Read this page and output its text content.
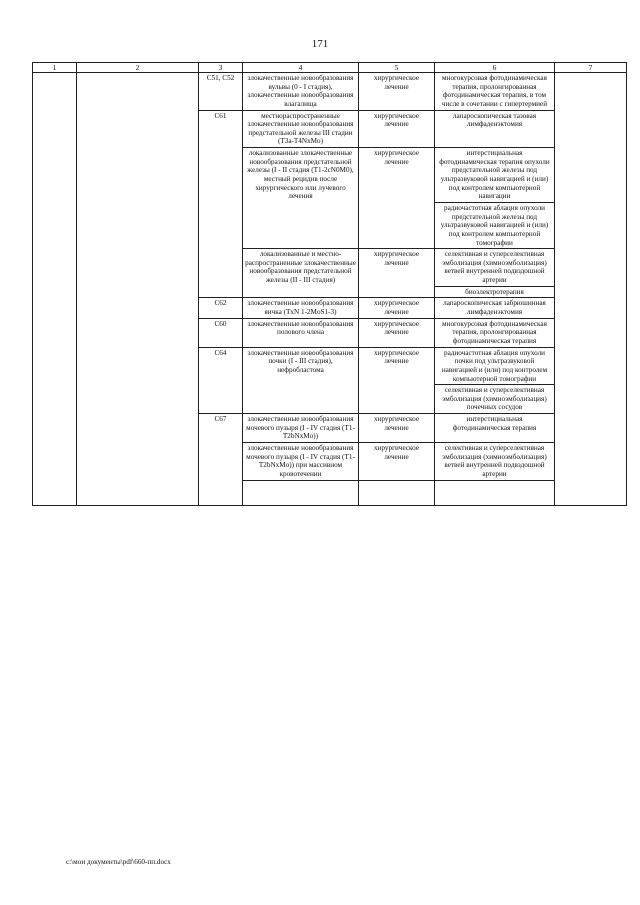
171
1	2	3	4	5	6	7
		C51, C52	злокачественные новообразования вульвы (0 - I стадия), злокачественные новообразования влагалища	хирургическое лечение	многокурсовая фотодинамическая терапия, пролонгированная фотодинамическая терапия, в том числе в сочетании с гипертермией	
		C61	местнораспространенные злокачественные новообразования предстательной железы III стадии (T3a-T4NxMo)	хирургическое лечение	лапароскопическая тазовая лимфаденэктомия	
			локализованные злокачественные новообразования предстательной железы (I - II стадия (T1-2cN0M0), местный рецидив после хирургического или лучевого лечения	хирургическое лечение	интерстициальная фотодинамическая терапия опухоли предстательной железы под ультразвуковой навигацией и (или) под контролем компьютерной навигации	
					радиочастотная аблация опухоли предстательной железы под ультразвуковой навигацией и (или) под контролем компьютерной томографии	
			локализованные и местно-распространенные злокачественные новообразования предстательной железы (II - III стадия)	хирургическое лечение	селективная и суперселективная эмболизация (химиоэмболизация) ветвей внутренней подвздошной артерии	
					биоэлектротерапия	
		C62	злокачественные новообразования яичка (TxN 1-2MoS1-3)	хирургическое лечение	лапароскопическая забрюшинная лимфаденэктомия	
		C60	злокачественные новообразования полового члена	хирургическое лечение	многокурсовая фотодинамическая терапия, пролонгированная фотодинамическая терапия	
		C64	злокачественные новообразования почки (I - III стадия), нефробластома	хирургическое лечение	радиочастотная аблация опухоли почки под ультразвуковой навигацией и (или) под контролем компьютерной томографии	
					селективная и суперселективная эмболизация (химиоэмболизация) почечных сосудов	
		C67	злокачественные новообразования мочевого пузыря (I - IV стадия (T1-T2bNxMo))	хирургическое лечение	интерстициальная фотодинамическая терапия	
			злокачественные новообразования мочевого пузыря (I - IV стадия (T1-T2bNxMo)) при массивном кровотечении	хирургическое лечение	селективная и суперселективная эмболизация (химиоэмболизация) ветвей внутренней подвздошной артерии	

c:\мои документы\pdf\660-пп.docx
